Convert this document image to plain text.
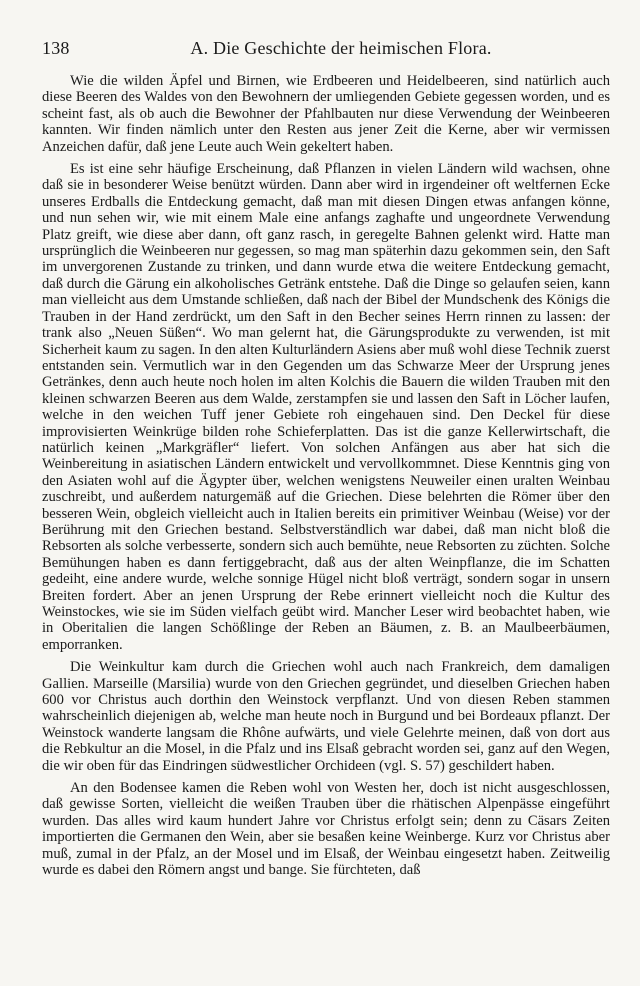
138	A. Die Geschichte der heimischen Flora.

Wie die wilden Äpfel und Birnen, wie Erdbeeren und Heidelbeeren, sind natürlich auch diese Beeren des Waldes von den Bewohnern der umliegenden Gebiete gegessen worden, und es scheint fast, als ob auch die Bewohner der Pfahlbauten nur diese Verwendung der Weinbeeren kannten. Wir finden nämlich unter den Resten aus jener Zeit die Kerne, aber wir vermissen Anzeichen dafür, daß jene Leute auch Wein gekeltert haben.

Es ist eine sehr häufige Erscheinung, daß Pflanzen in vielen Ländern wild wachsen, ohne daß sie in besonderer Weise benützt würden. Dann aber wird in irgendeiner oft weltfernen Ecke unseres Erdballs die Entdeckung gemacht, daß man mit diesen Dingen etwas anfangen könne, und nun sehen wir, wie mit einem Male eine anfangs zaghafte und ungeordnete Verwendung Platz greift, wie diese aber dann, oft ganz rasch, in geregelte Bahnen gelenkt wird. Hatte man ursprünglich die Weinbeeren nur gegessen, so mag man späterhin dazu gekommen sein, den Saft im unvergorenen Zustande zu trinken, und dann wurde etwa die weitere Entdeckung gemacht, daß durch die Gärung ein alkoholisches Getränk entstehe. Daß die Dinge so gelaufen seien, kann man vielleicht aus dem Umstande schließen, daß nach der Bibel der Mundschenk des Königs die Trauben in der Hand zerdrückt, um den Saft in den Becher seines Herrn rinnen zu lassen: der trank also „Neuen Süßen“. Wo man gelernt hat, die Gärungsprodukte zu verwenden, ist mit Sicherheit kaum zu sagen. In den alten Kulturländern Asiens aber muß wohl diese Technik zuerst entstanden sein. Vermutlich war in den Gegenden um das Schwarze Meer der Ursprung jenes Getränkes, denn auch heute noch holen im alten Kolchis die Bauern die wilden Trauben mit den kleinen schwarzen Beeren aus dem Walde, zerstampfen sie und lassen den Saft in Löcher laufen, welche in den weichen Tuff jener Gebiete roh eingehauen sind. Den Deckel für diese improvisierten Weinkrüge bilden rohe Schieferplatten. Das ist die ganze Kellerwirtschaft, die natürlich keinen „Markgräfler“ liefert. Von solchen Anfängen aus aber hat sich die Weinbereitung in asiatischen Ländern entwickelt und vervollkommnet. Diese Kenntnis ging von den Asiaten wohl auf die Ägypter über, welchen wenigstens Neuweiler einen uralten Weinbau zuschreibt, und außerdem naturgemäß auf die Griechen. Diese belehrten die Römer über den besseren Wein, obgleich vielleicht auch in Italien bereits ein primitiver Weinbau (Weise) vor der Berührung mit den Griechen bestand. Selbstverständlich war dabei, daß man nicht bloß die Rebsorten als solche verbesserte, sondern sich auch bemühte, neue Rebsorten zu züchten. Solche Bemühungen haben es dann fertiggebracht, daß aus der alten Weinpflanze, die im Schatten gedeiht, eine andere wurde, welche sonnige Hügel nicht bloß verträgt, sondern sogar in unsern Breiten fordert. Aber an jenen Ursprung der Rebe erinnert vielleicht noch die Kultur des Weinstockes, wie sie im Süden vielfach geübt wird. Mancher Leser wird beobachtet haben, wie in Oberitalien die langen Schößlinge der Reben an Bäumen, z. B. an Maulbeerbäumen, emporranken.

Die Weinkultur kam durch die Griechen wohl auch nach Frankreich, dem damaligen Gallien. Marseille (Marsilia) wurde von den Griechen gegründet, und dieselben Griechen haben 600 vor Christus auch dorthin den Weinstock verpflanzt. Und von diesen Reben stammen wahrscheinlich diejenigen ab, welche man heute noch in Burgund und bei Bordeaux pflanzt. Der Weinstock wanderte langsam die Rhône aufwärts, und viele Gelehrte meinen, daß von dort aus die Rebkultur an die Mosel, in die Pfalz und ins Elsaß gebracht worden sei, ganz auf den Wegen, die wir oben für das Eindringen südwestlicher Orchideen (vgl. S. 57) geschildert haben.

An den Bodensee kamen die Reben wohl von Westen her, doch ist nicht ausgeschlossen, daß gewisse Sorten, vielleicht die weißen Trauben über die rhätischen Alpenpässe eingeführt wurden. Das alles wird kaum hundert Jahre vor Christus erfolgt sein; denn zu Cäsars Zeiten importierten die Germanen den Wein, aber sie besaßen keine Weinberge. Kurz vor Christus aber muß, zumal in der Pfalz, an der Mosel und im Elsaß, der Weinbau eingesetzt haben. Zeitweilig wurde es dabei den Römern angst und bange. Sie fürchteten, daß
